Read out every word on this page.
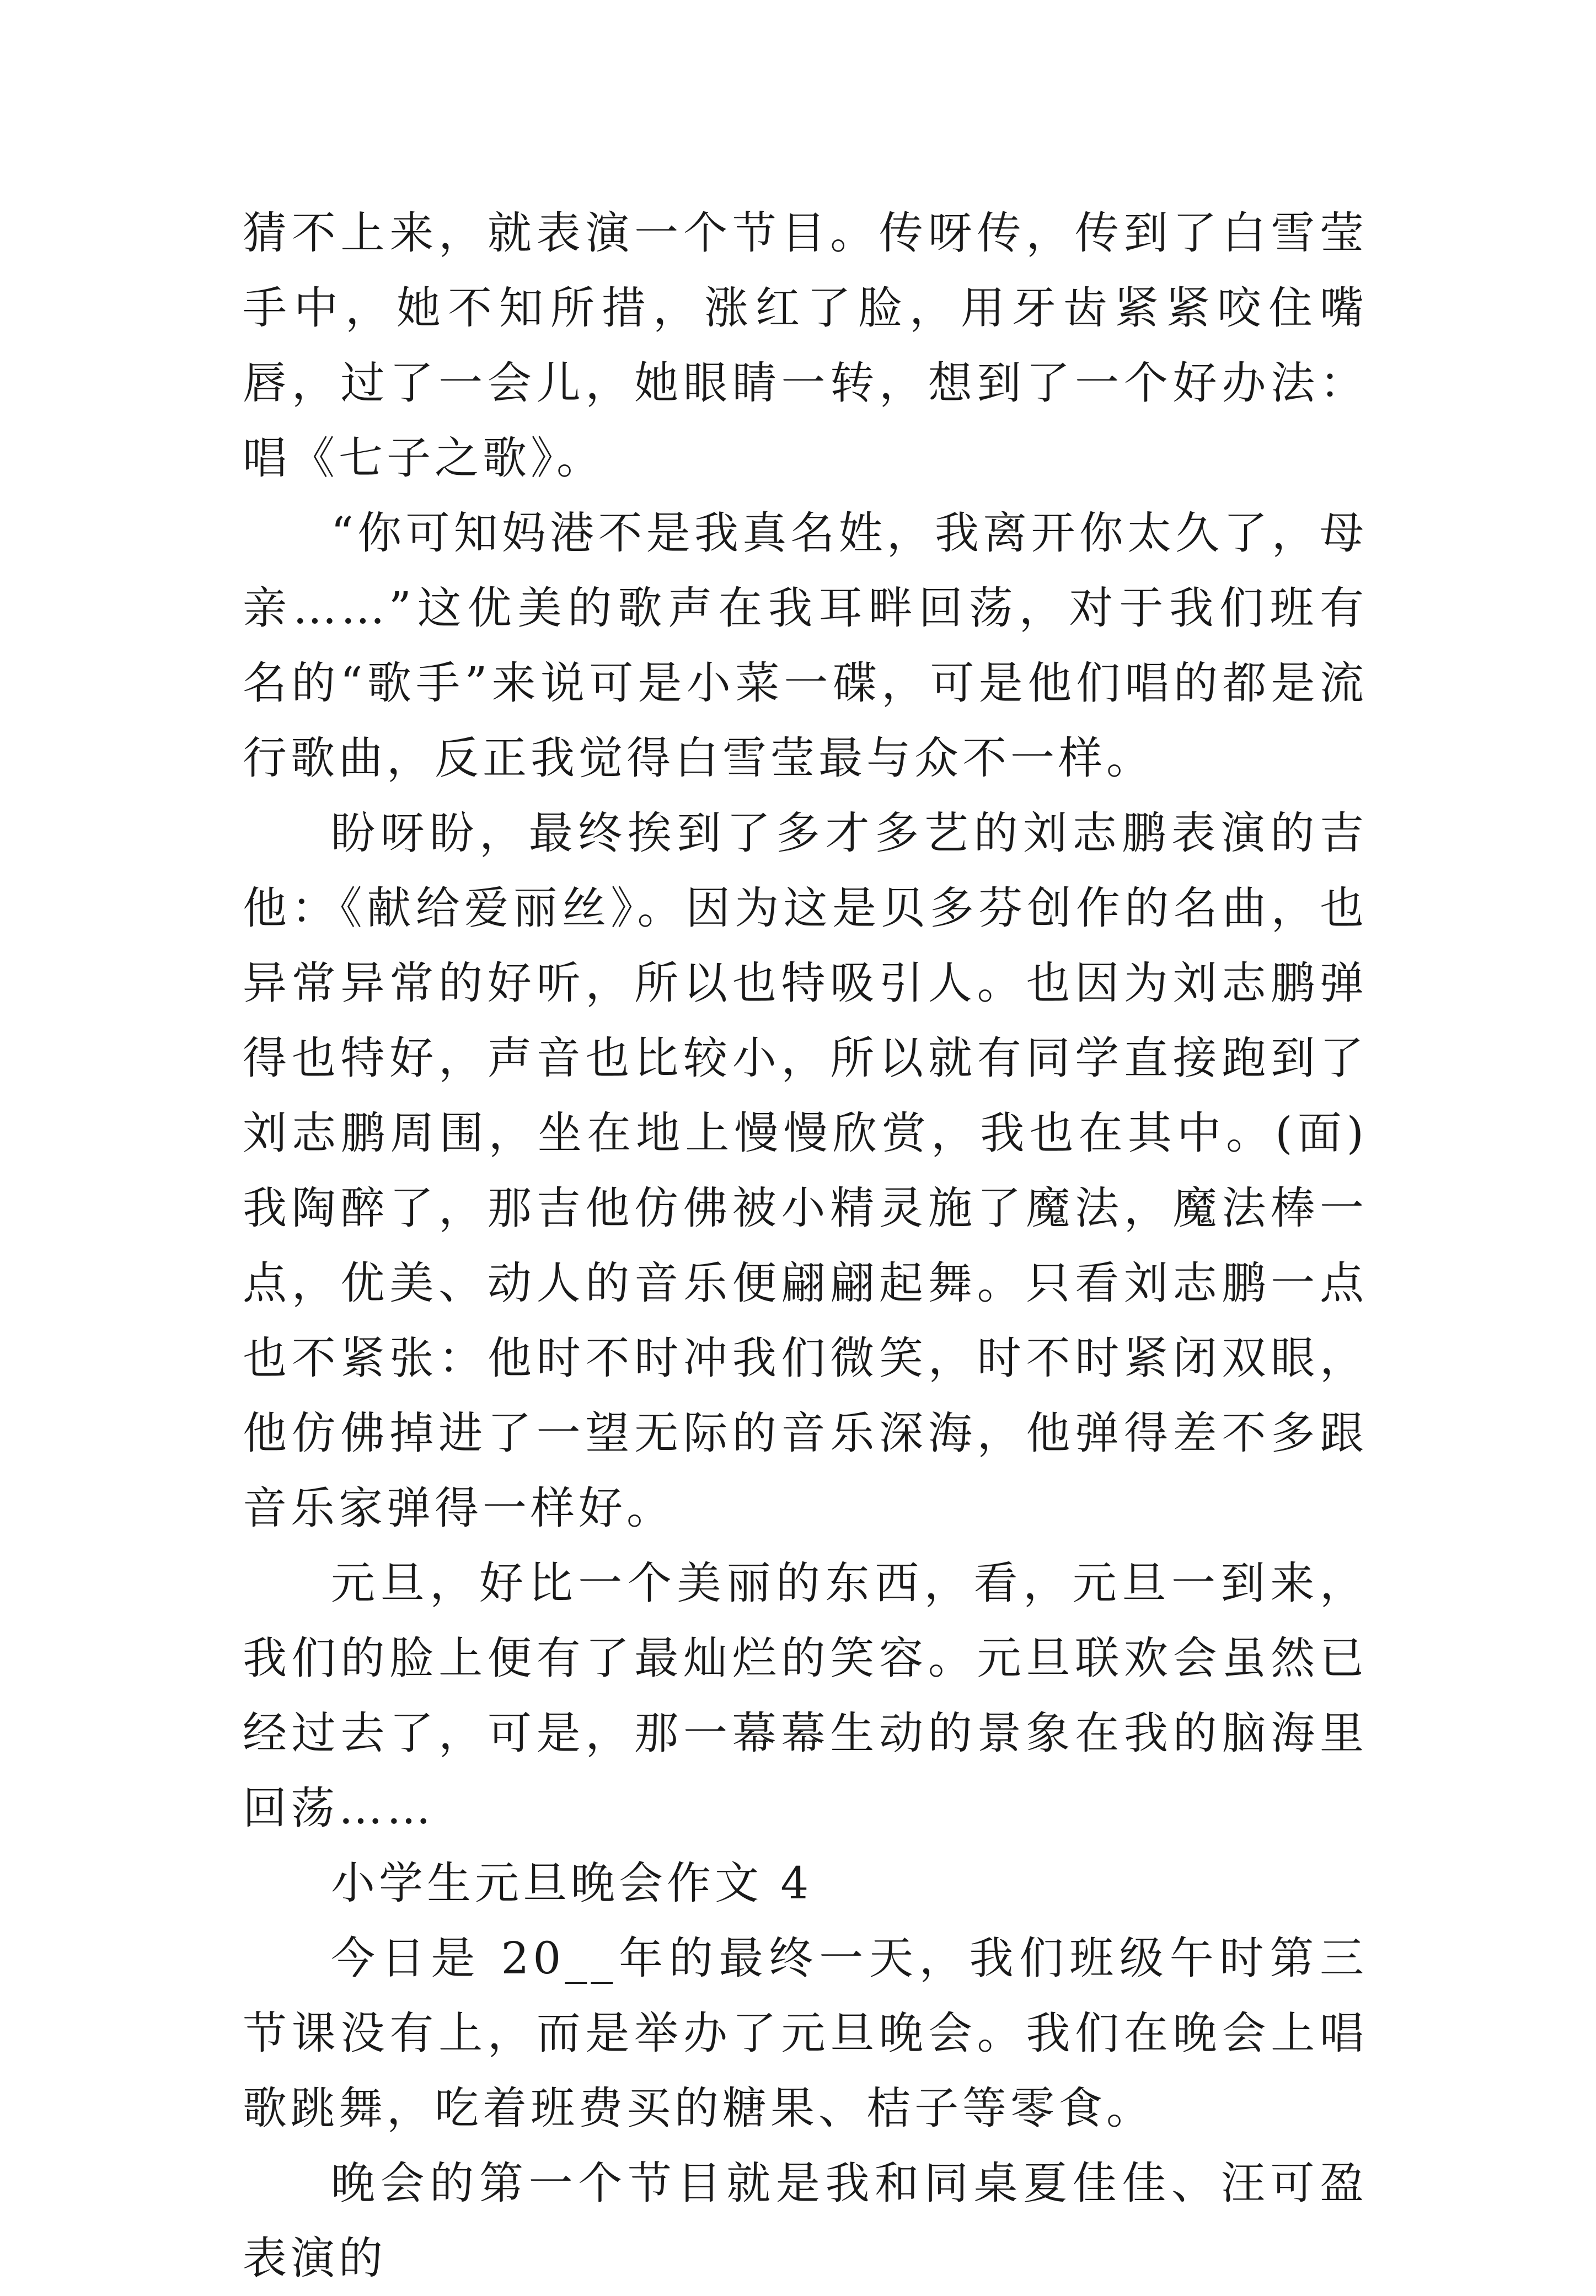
猜不上来，就表演一个节目。传呀传，传到了白雪莹手中，她不知所措，涨红了脸，用牙齿紧紧咬住嘴唇，过了一会儿，她眼睛一转，想到了一个好办法：唱《七子之歌》。

“你可知妈港不是我真名姓，我离开你太久了，母亲……”这优美的歌声在我耳畔回荡，对于我们班有名的“歌手”来说可是小菜一碟，可是他们唱的都是流行歌曲，反正我觉得白雪莹最与众不一样。

盼呀盼，最终挨到了多才多艺的刘志鹏表演的吉他：《献给爱丽丝》。因为这是贝多芬创作的名曲，也异常异常的好听，所以也特吸引人。也因为刘志鹏弹得也特好，声音也比较小，所以就有同学直接跑到了刘志鹏周围，坐在地上慢慢欣赏，我也在其中。(面)我陶醉了，那吉他仿佛被小精灵施了魔法，魔法棒一点，优美、动人的音乐便翩翩起舞。只看刘志鹏一点也不紧张：他时不时冲我们微笑，时不时紧闭双眼，他仿佛掉进了一望无际的音乐深海，他弹得差不多跟音乐家弹得一样好。

元旦，好比一个美丽的东西，看，元旦一到来，我们的脸上便有了最灿烂的笑容。元旦联欢会虽然已经过去了，可是，那一幕幕生动的景象在我的脑海里回荡……

小学生元旦晚会作文 4

今日是 20__年的最终一天，我们班级午时第三节课没有上，而是举办了元旦晚会。我们在晚会上唱歌跳舞，吃着班费买的糖果、桔子等零食。

晚会的第一个节目就是我和同桌夏佳佳、汪可盈表演的
